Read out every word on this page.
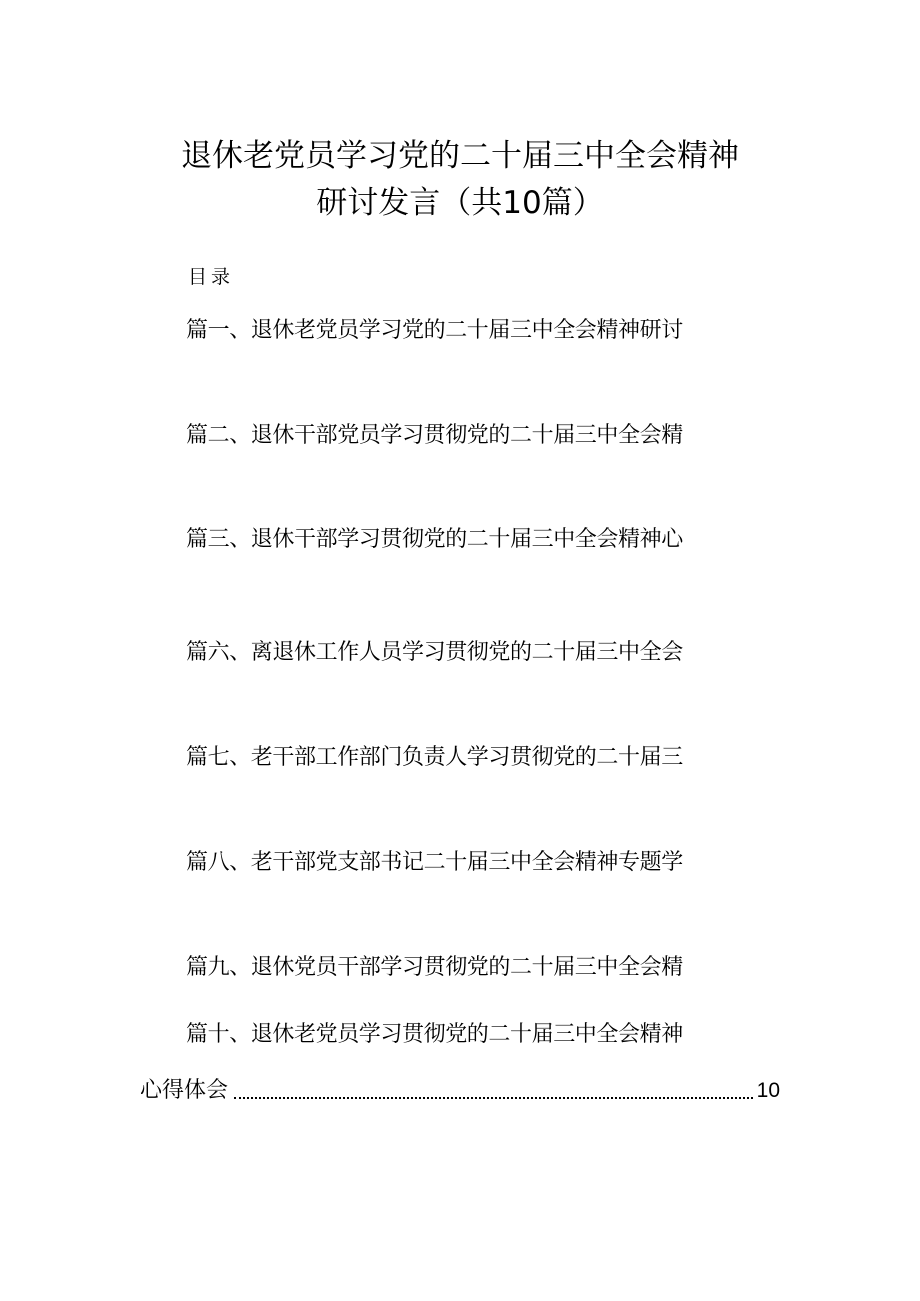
退休老党员学习党的二十届三中全会精神
研讨发言（共10篇）
目录
篇一、退休老党员学习党的二十届三中全会精神研讨
篇二、退休干部党员学习贯彻党的二十届三中全会精
篇三、退休干部学习贯彻党的二十届三中全会精神心
篇六、离退休工作人员学习贯彻党的二十届三中全会
篇七、老干部工作部门负责人学习贯彻党的二十届三
篇八、老干部党支部书记二十届三中全会精神专题学
篇九、退休党员干部学习贯彻党的二十届三中全会精
篇十、退休老党员学习贯彻党的二十届三中全会精神
心得体会	10
